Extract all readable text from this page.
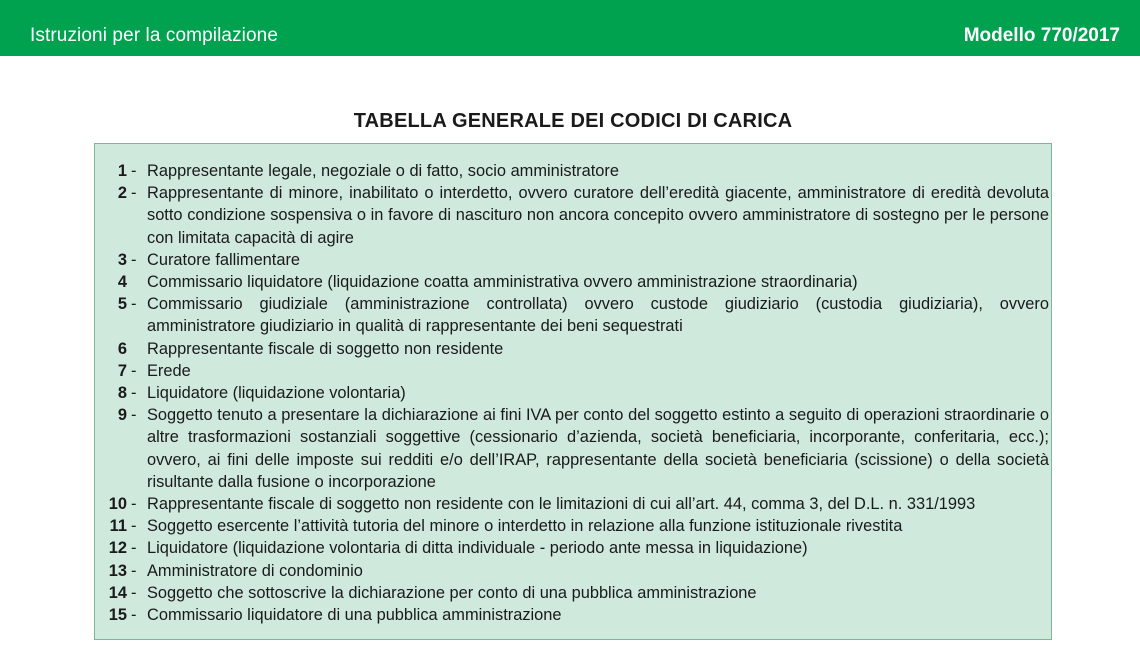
Istruzioni per la compilazione	Modello 770/2017
TABELLA GENERALE DEI CODICI DI CARICA
1 - Rappresentante legale, negoziale o di fatto, socio amministratore
2 - Rappresentante di minore, inabilitato o interdetto, ovvero curatore dell’eredità giacente, amministratore di eredità devoluta sotto condizione sospensiva o in favore di nascituro non ancora concepito ovvero amministratore di sostegno per le persone con limitata capacità di agire
3 - Curatore fallimentare
4 Commissario liquidatore (liquidazione coatta amministrativa ovvero amministrazione straordinaria)
5 - Commissario giudiziale (amministrazione controllata) ovvero custode giudiziario (custodia giudiziaria), ovvero amministratore giudiziario in qualità di rappresentante dei beni sequestrati
6 Rappresentante fiscale di soggetto non residente
7 - Erede
8 - Liquidatore (liquidazione volontaria)
9 - Soggetto tenuto a presentare la dichiarazione ai fini IVA per conto del soggetto estinto a seguito di operazioni straordinarie o altre trasformazioni sostanziali soggettive (cessionario d’azienda, società beneficiaria, incorporante, conferitaria, ecc.); ovvero, ai fini delle imposte sui redditi e/o dell’IRAP, rappresentante della società beneficiaria (scissione) o della società risultante dalla fusione o incorporazione
10 - Rappresentante fiscale di soggetto non residente con le limitazioni di cui all’art. 44, comma 3, del D.L. n. 331/1993
11 - Soggetto esercente l’attività tutoria del minore o interdetto in relazione alla funzione istituzionale rivestita
12 - Liquidatore (liquidazione volontaria di ditta individuale - periodo ante messa in liquidazione)
13 - Amministratore di condominio
14 - Soggetto che sottoscrive la dichiarazione per conto di una pubblica amministrazione
15 - Commissario liquidatore di una pubblica amministrazione
